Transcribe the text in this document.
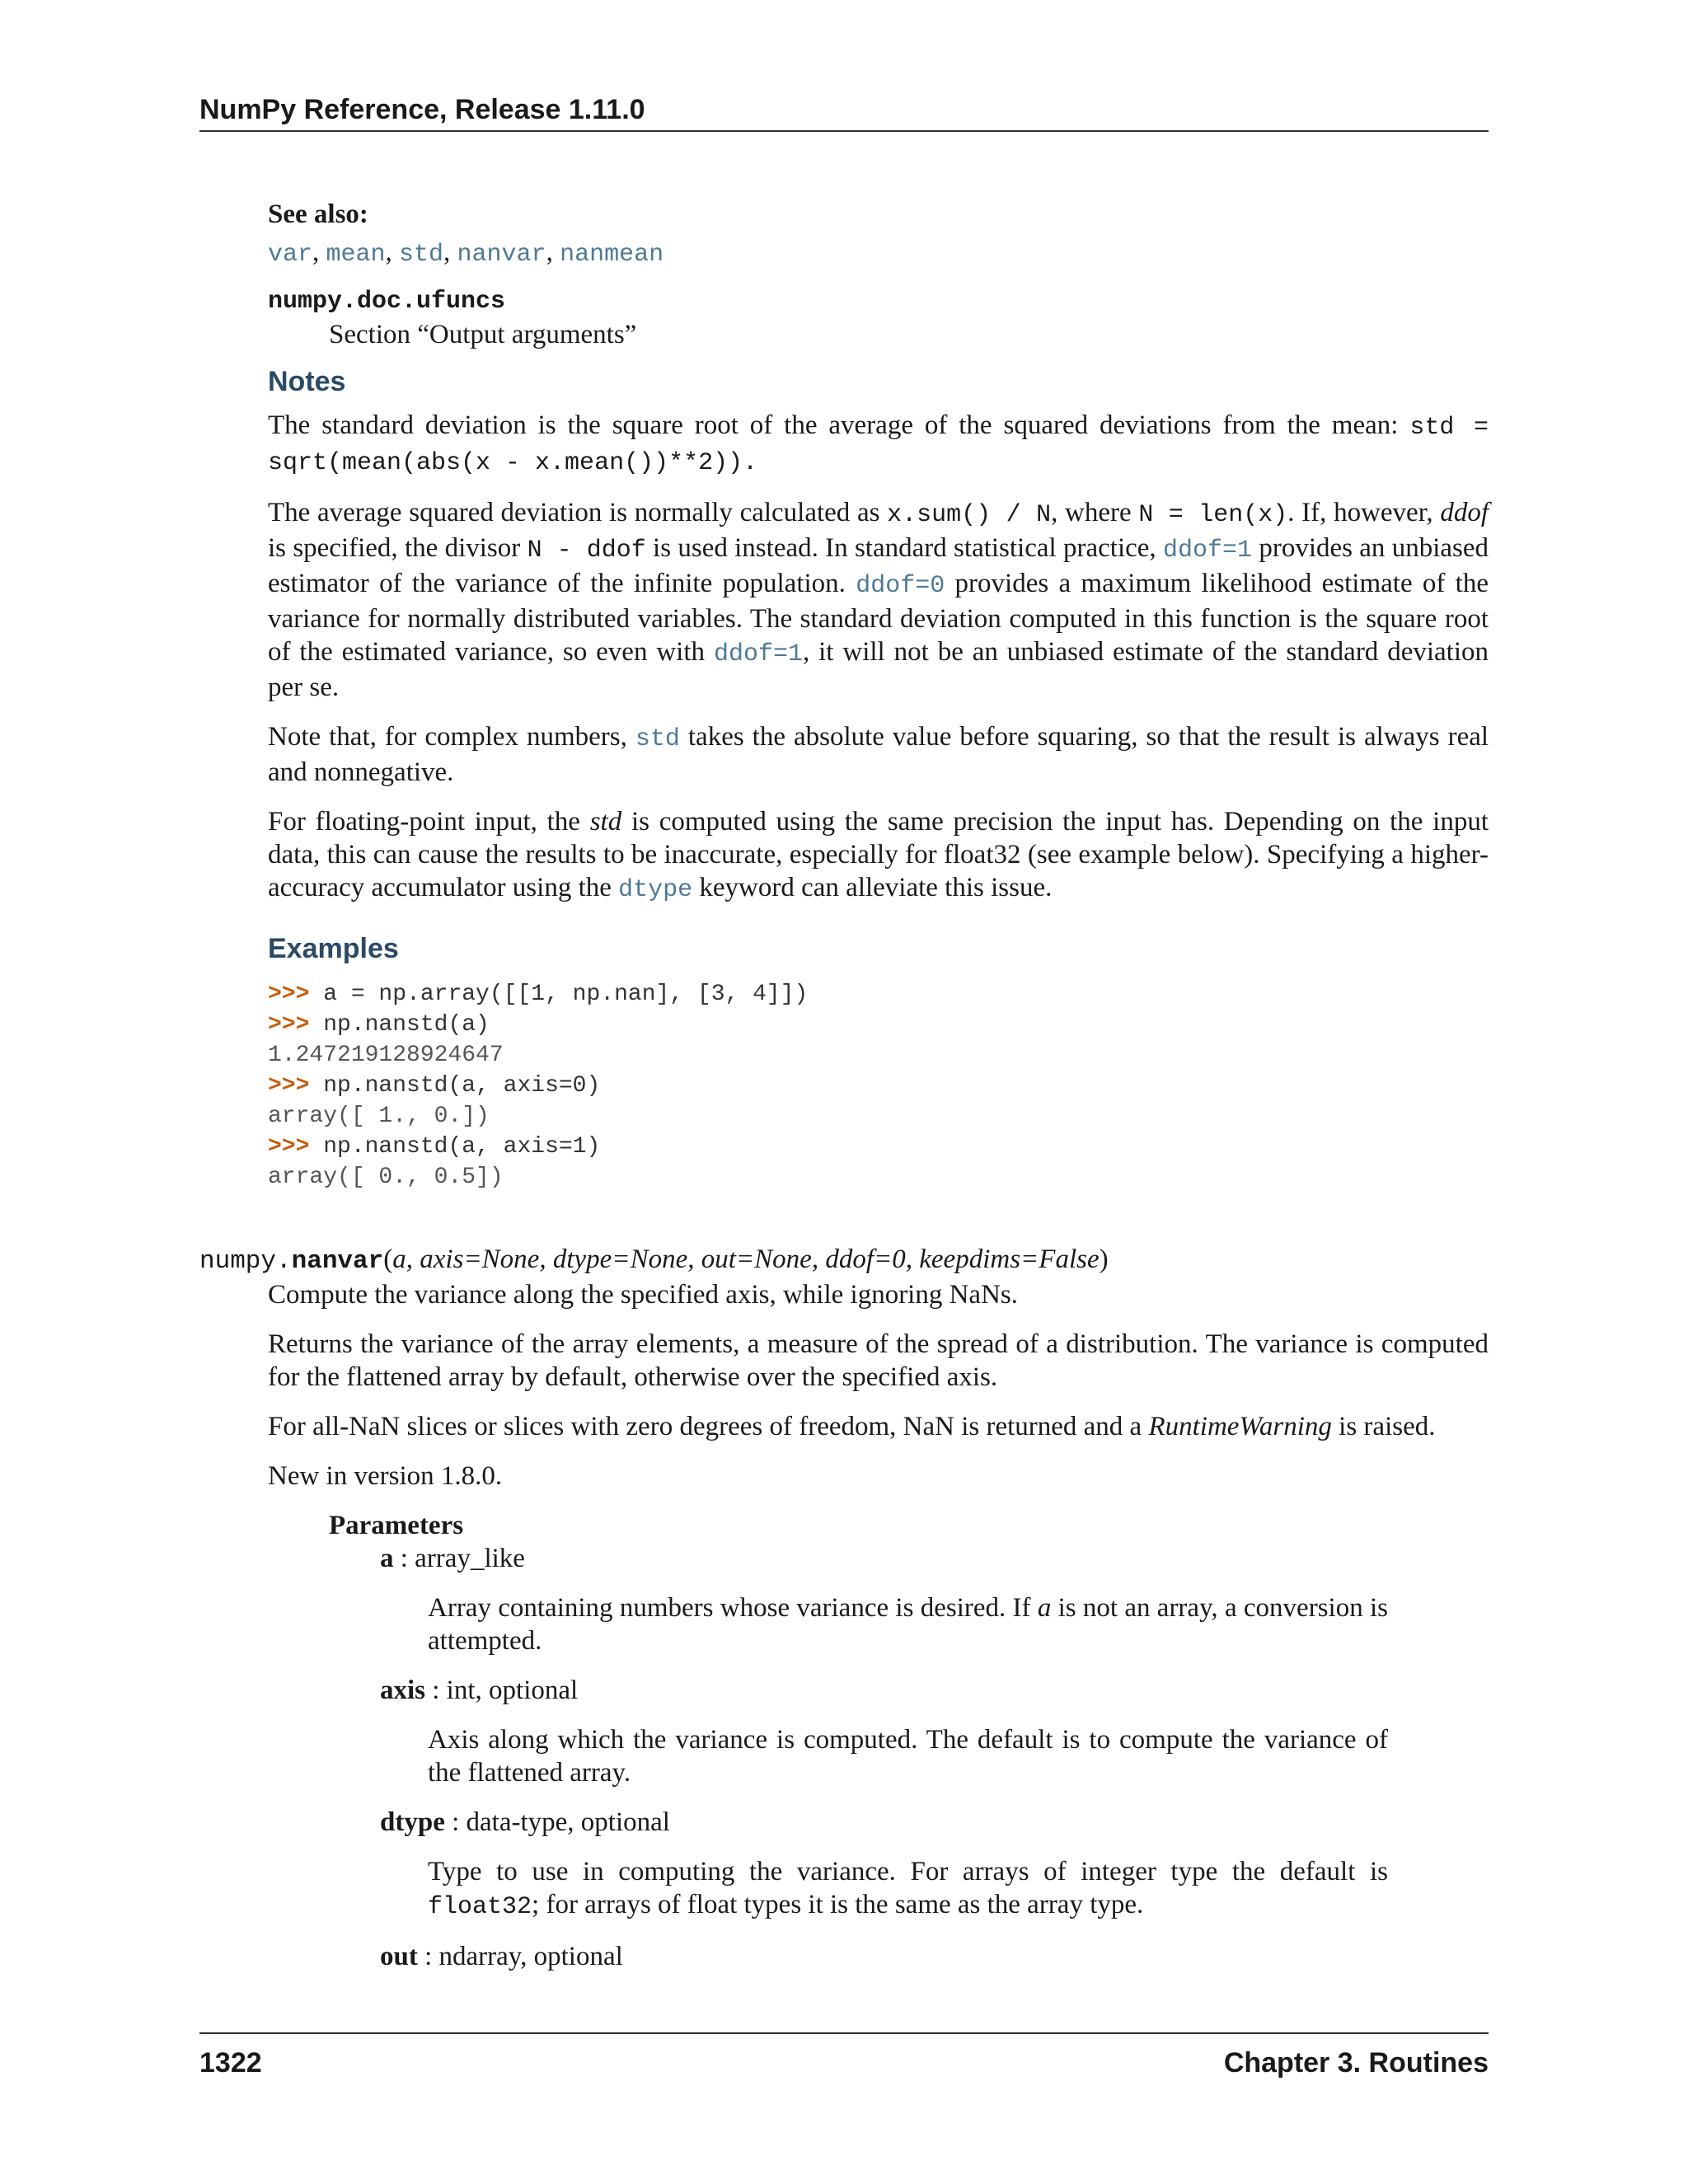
NumPy Reference, Release 1.11.0
See also:
var, mean, std, nanvar, nanmean
numpy.doc.ufuncs
Section “Output arguments”
Notes

The standard deviation is the square root of the average of the squared deviations from the mean: std = sqrt(mean(abs(x - x.mean())**2)).

The average squared deviation is normally calculated as x.sum() / N, where N = len(x). If, however, ddof is specified, the divisor N - ddof is used instead. In standard statistical practice, ddof=1 provides an unbiased estimator of the variance of the infinite population. ddof=0 provides a maximum likelihood estimate of the variance for normally distributed variables. The standard deviation computed in this function is the square root of the estimated variance, so even with ddof=1, it will not be an unbiased estimate of the standard deviation per se.

Note that, for complex numbers, std takes the absolute value before squaring, so that the result is always real and nonnegative.

For floating-point input, the std is computed using the same precision the input has. Depending on the input data, this can cause the results to be inaccurate, especially for float32 (see example below). Specifying a higher-accuracy accumulator using the dtype keyword can alleviate this issue.

Examples
>>> a = np.array([[1, np.nan], [3, 4]])
>>> np.nanstd(a)
1.247219128924647
>>> np.nanstd(a, axis=0)
array([ 1., 0.])
>>> np.nanstd(a, axis=1)
array([ 0., 0.5])
numpy.nanvar(a, axis=None, dtype=None, out=None, ddof=0, keepdims=False)

Compute the variance along the specified axis, while ignoring NaNs.

Returns the variance of the array elements, a measure of the spread of a distribution. The variance is computed for the flattened array by default, otherwise over the specified axis.

For all-NaN slices or slices with zero degrees of freedom, NaN is returned and a RuntimeWarning is raised.

New in version 1.8.0.

Parameters
a : array_like
Array containing numbers whose variance is desired. If a is not an array, a conversion is attempted.
axis : int, optional
Axis along which the variance is computed. The default is to compute the variance of the flattened array.
dtype : data-type, optional
Type to use in computing the variance. For arrays of integer type the default is float32; for arrays of float types it is the same as the array type.
out : ndarray, optional
1322	Chapter 3. Routines
